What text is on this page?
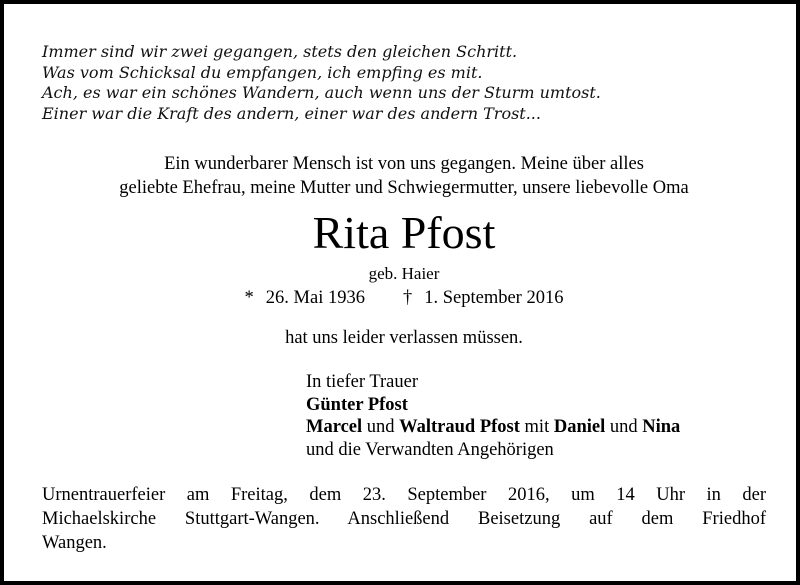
Immer sind wir zwei gegangen, stets den gleichen Schritt.
Was vom Schicksal du empfangen, ich empfing es mit.
Ach, es war ein schönes Wandern, auch wenn uns der Sturm umtost.
Einer war die Kraft des andern, einer war des andern Trost...
Ein wunderbarer Mensch ist von uns gegangen. Meine über alles
geliebte Ehefrau, meine Mutter und Schwiegermutter, unsere liebevolle Oma
Rita Pfost
geb. Haier
* 26. Mai 1936 † 1. September 2016
hat uns leider verlassen müssen.
In tiefer Trauer
Günter Pfost
Marcel und Waltraud Pfost mit Daniel und Nina
und die Verwandten Angehörigen
Urnentrauerfeier am Freitag, dem 23. September 2016, um 14 Uhr in der
Michaelskirche Stuttgart-Wangen. Anschließend Beisetzung auf dem Friedhof
Wangen.
